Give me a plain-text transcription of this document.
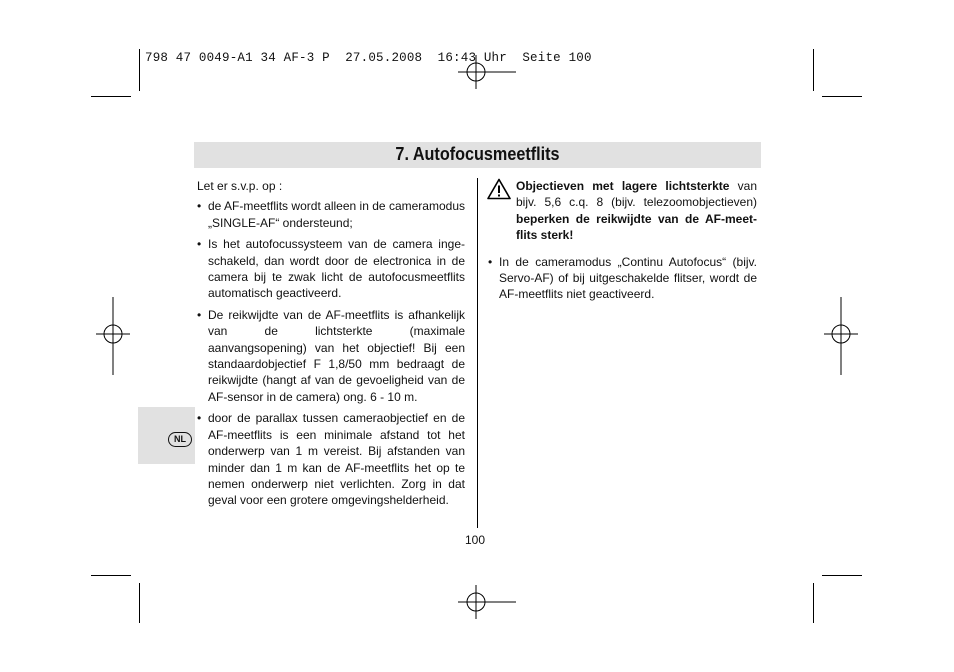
798 47 0049-A1 34 AF-3 P  27.05.2008  16:43 Uhr  Seite 100
7. Autofocusmeetflits
NL

Let er s.v.p. op :

• de AF-meetflits wordt alleen in de cameramodus „SINGLE-AF“ ondersteund;
• Is het autofocussysteem van de camera inge-schakeld, dan wordt door de electronica in de camera bij te zwak licht de autofocusmeetflits automatisch geactiveerd.
• De reikwijdte van de AF-meetflits is afhankelijk van de lichtsterkte (maximale aanvangsopening) van het objectief! Bij een standaardobjectief F 1,8/50 mm bedraagt de reikwijdte (hangt af van de gevoeligheid van de AF-sensor in de camera) ong. 6 - 10 m.
• door de parallax tussen cameraobjectief en de AF-meetflits is een minimale afstand tot het onderwerp van 1 m vereist. Bij afstanden van minder dan 1 m kan de AF-meetflits het op te nemen onderwerp niet verlichten. Zorg in dat geval voor een grotere omgevingshelderheid.
Objectieven met lagere lichtsterkte van bijv. 5,6 c.q. 8 (bijv. telezoomobjectieven) beperken de reikwijdte van de AF-meet-flits sterk!
• In de cameramodus „Continu Autofocus“ (bijv. Servo-AF) of bij uitgeschakelde flitser, wordt de AF-meetflits niet geactiveerd.
100
